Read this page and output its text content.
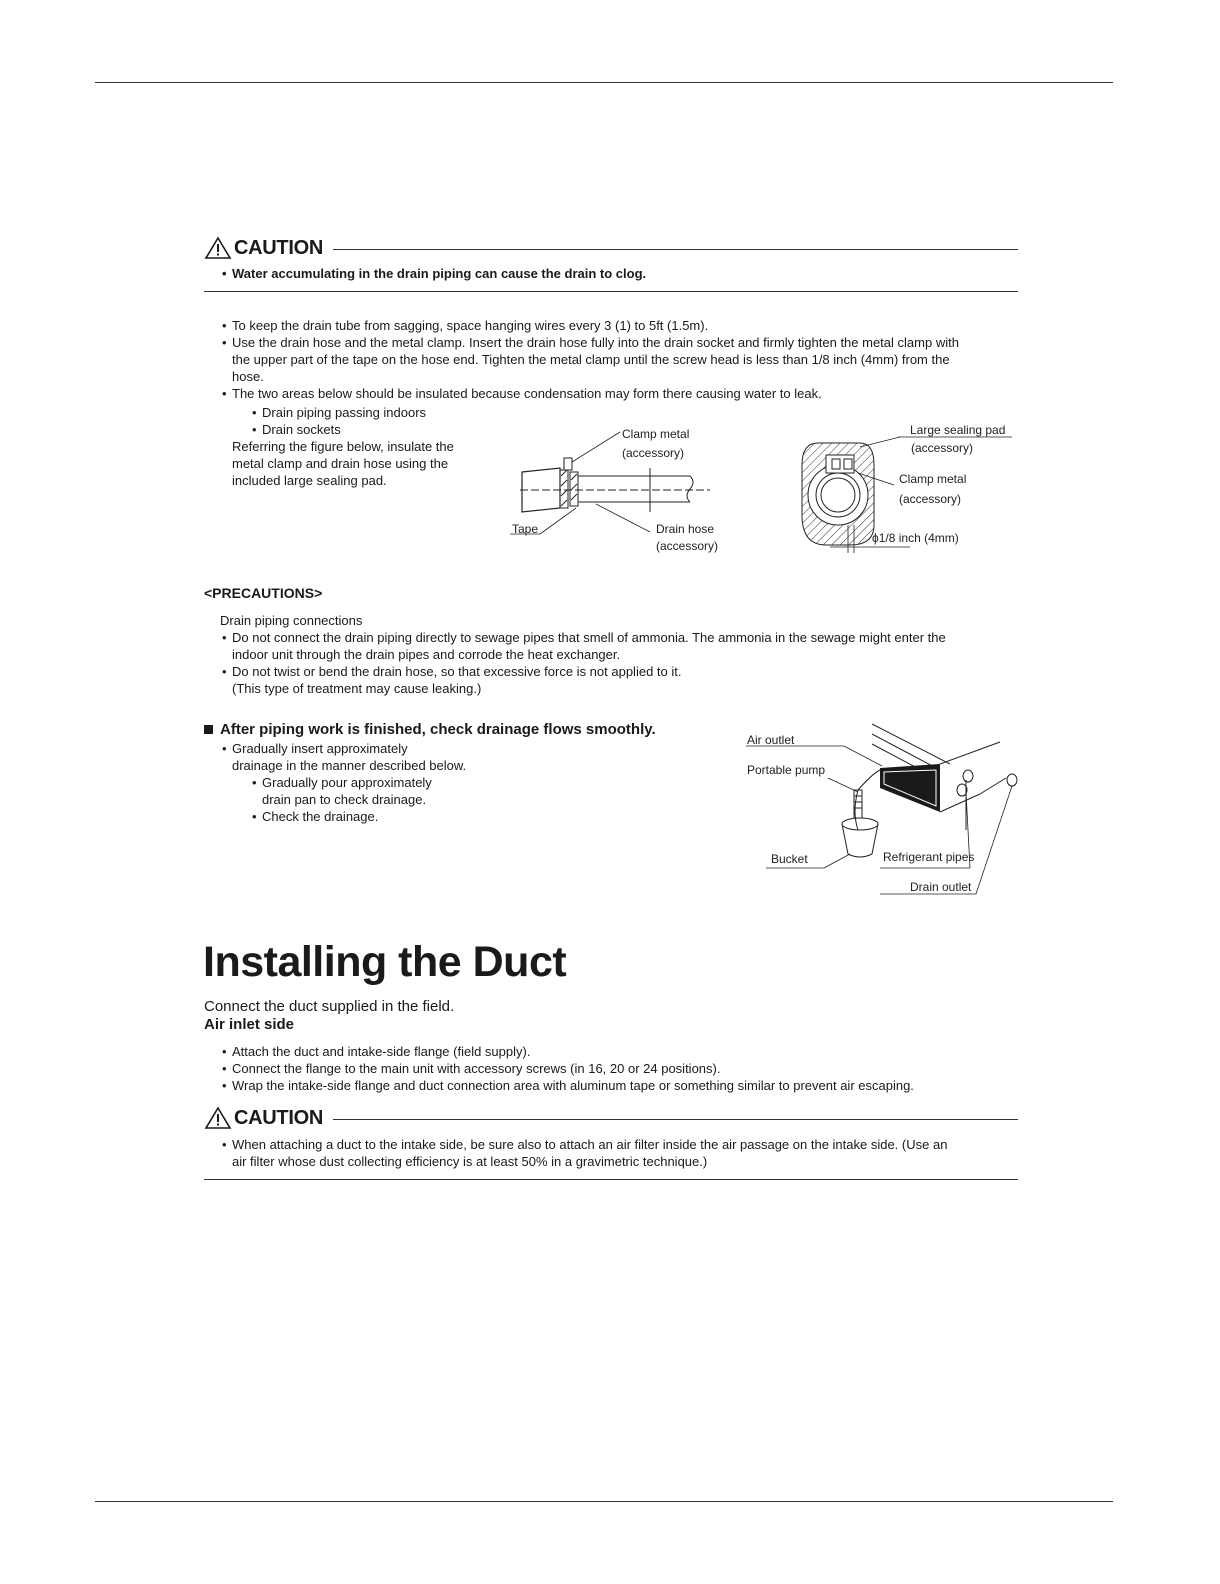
CAUTION
• Water accumulating in the drain piping can cause the drain to clog.
• To keep the drain tube from sagging, space hanging wires every 3 (1) to 5ft (1.5m).
• Use the drain hose and the metal clamp. Insert the drain hose fully into the drain socket and firmly tighten the metal clamp with
the upper part of the tape on the hose end. Tighten the metal clamp until the screw head is less than 1/8 inch (4mm) from the
hose.
• The two areas below should be insulated because condensation may form there causing water to leak.
• Drain piping passing indoors
• Drain sockets
Referring the figure below, insulate the
metal clamp and drain hose using the
included large sealing pad.
Clamp metal
(accessory)
Tape	Drain hose
(accessory)
Large sealing pad
(accessory)
Clamp metal
(accessory)
ϕ1/8 inch (4mm)
<PRECAUTIONS>
Drain piping connections
• Do not connect the drain piping directly to sewage pipes that smell of ammonia. The ammonia in the sewage might enter the
indoor unit through the drain pipes and corrode the heat exchanger.
• Do not twist or bend the drain hose, so that excessive force is not applied to it.
(This type of treatment may cause leaking.)
After piping work is finished, check drainage flows smoothly.
• Gradually insert approximately
drainage in the manner described below.
• Gradually pour approximately
drain pan to check drainage.
• Check the drainage.
Air outlet
Portable pump
Bucket	Refrigerant pipes
Drain outlet
Installing the Duct
Connect the duct supplied in the field.
Air inlet side
• Attach the duct and intake-side flange (field supply).
• Connect the flange to the main unit with accessory screws (in 16, 20 or 24 positions).
• Wrap the intake-side flange and duct connection area with aluminum tape or something similar to prevent air escaping.
CAUTION
• When attaching a duct to the intake side, be sure also to attach an air filter inside the air passage on the intake side. (Use an
air filter whose dust collecting efficiency is at least 50% in a gravimetric technique.)
